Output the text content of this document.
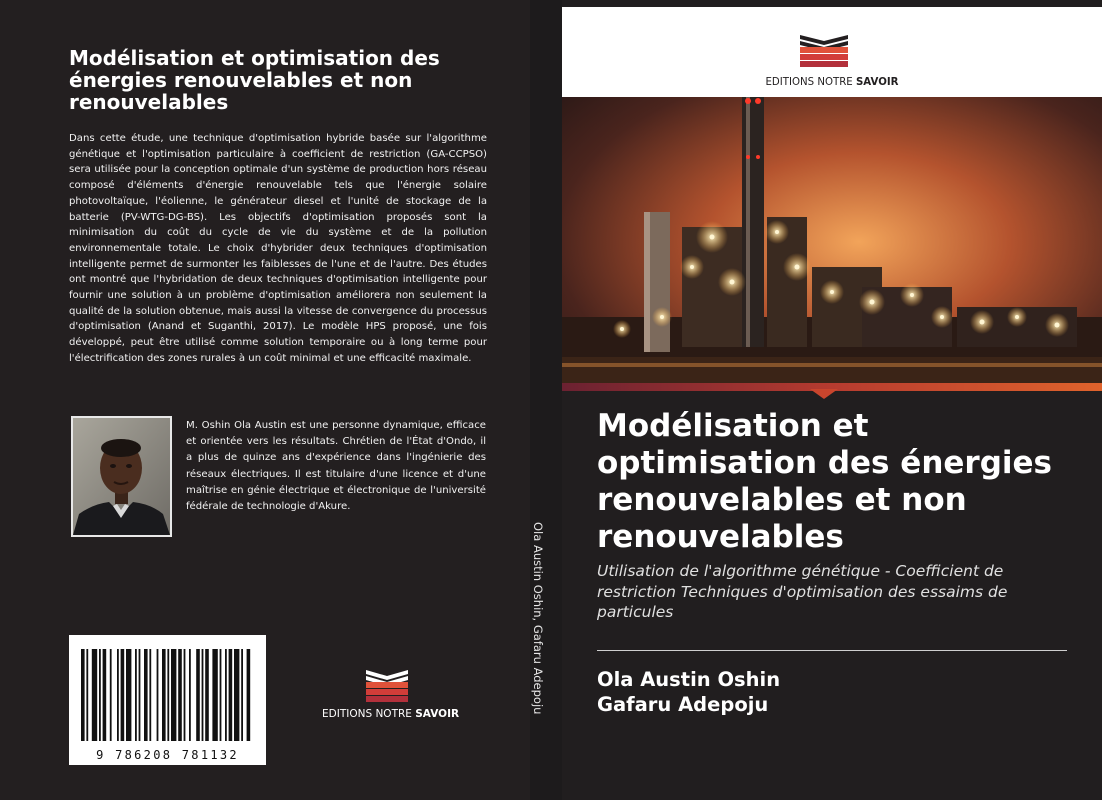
Modélisation et optimisation des énergies renouvelables et non renouvelables
Dans cette étude, une technique d'optimisation hybride basée sur l'algorithme génétique et l'optimisation particulaire à coefficient de restriction (GA-CCPSO) sera utilisée pour la conception optimale d'un système de production hors réseau composé d'éléments d'énergie renouvelable tels que l'énergie solaire photovoltaïque, l'éolienne, le générateur diesel et l'unité de stockage de la batterie (PV-WTG-DG-BS). Les objectifs d'optimisation proposés sont la minimisation du coût du cycle de vie du système et de la pollution environnementale totale. Le choix d'hybrider deux techniques d'optimisation intelligente permet de surmonter les faiblesses de l'une et de l'autre. Des études ont montré que l'hybridation de deux techniques d'optimisation intelligente pour fournir une solution à un problème d'optimisation améliorera non seulement la qualité de la solution obtenue, mais aussi la vitesse de convergence du processus d'optimisation (Anand et Suganthi, 2017). Le modèle HPS proposé, une fois développé, peut être utilisé comme solution temporaire ou à long terme pour l'électrification des zones rurales à un coût minimal et une efficacité maximale.
M. Oshin Ola Austin est une personne dynamique, efficace et orientée vers les résultats. Chrétien de l'État d'Ondo, il a plus de quinze ans d'expérience dans l'ingénierie des réseaux électriques. Il est titulaire d'une licence et d'une maîtrise en génie électrique et électronique de l'université fédérale de technologie d'Akure.
9 786208 781132
EDITIONS NOTRE SAVOIR	Ola Austin Oshin, Gafaru Adepoju
EDITIONS NOTRE SAVOIR
Modélisation et optimisation des énergies renouvelables et non renouvelables
Utilisation de l'algorithme génétique - Coefficient de restriction Techniques d'optimisation des essaims de particules
Ola Austin Oshin
Gafaru Adepoju
